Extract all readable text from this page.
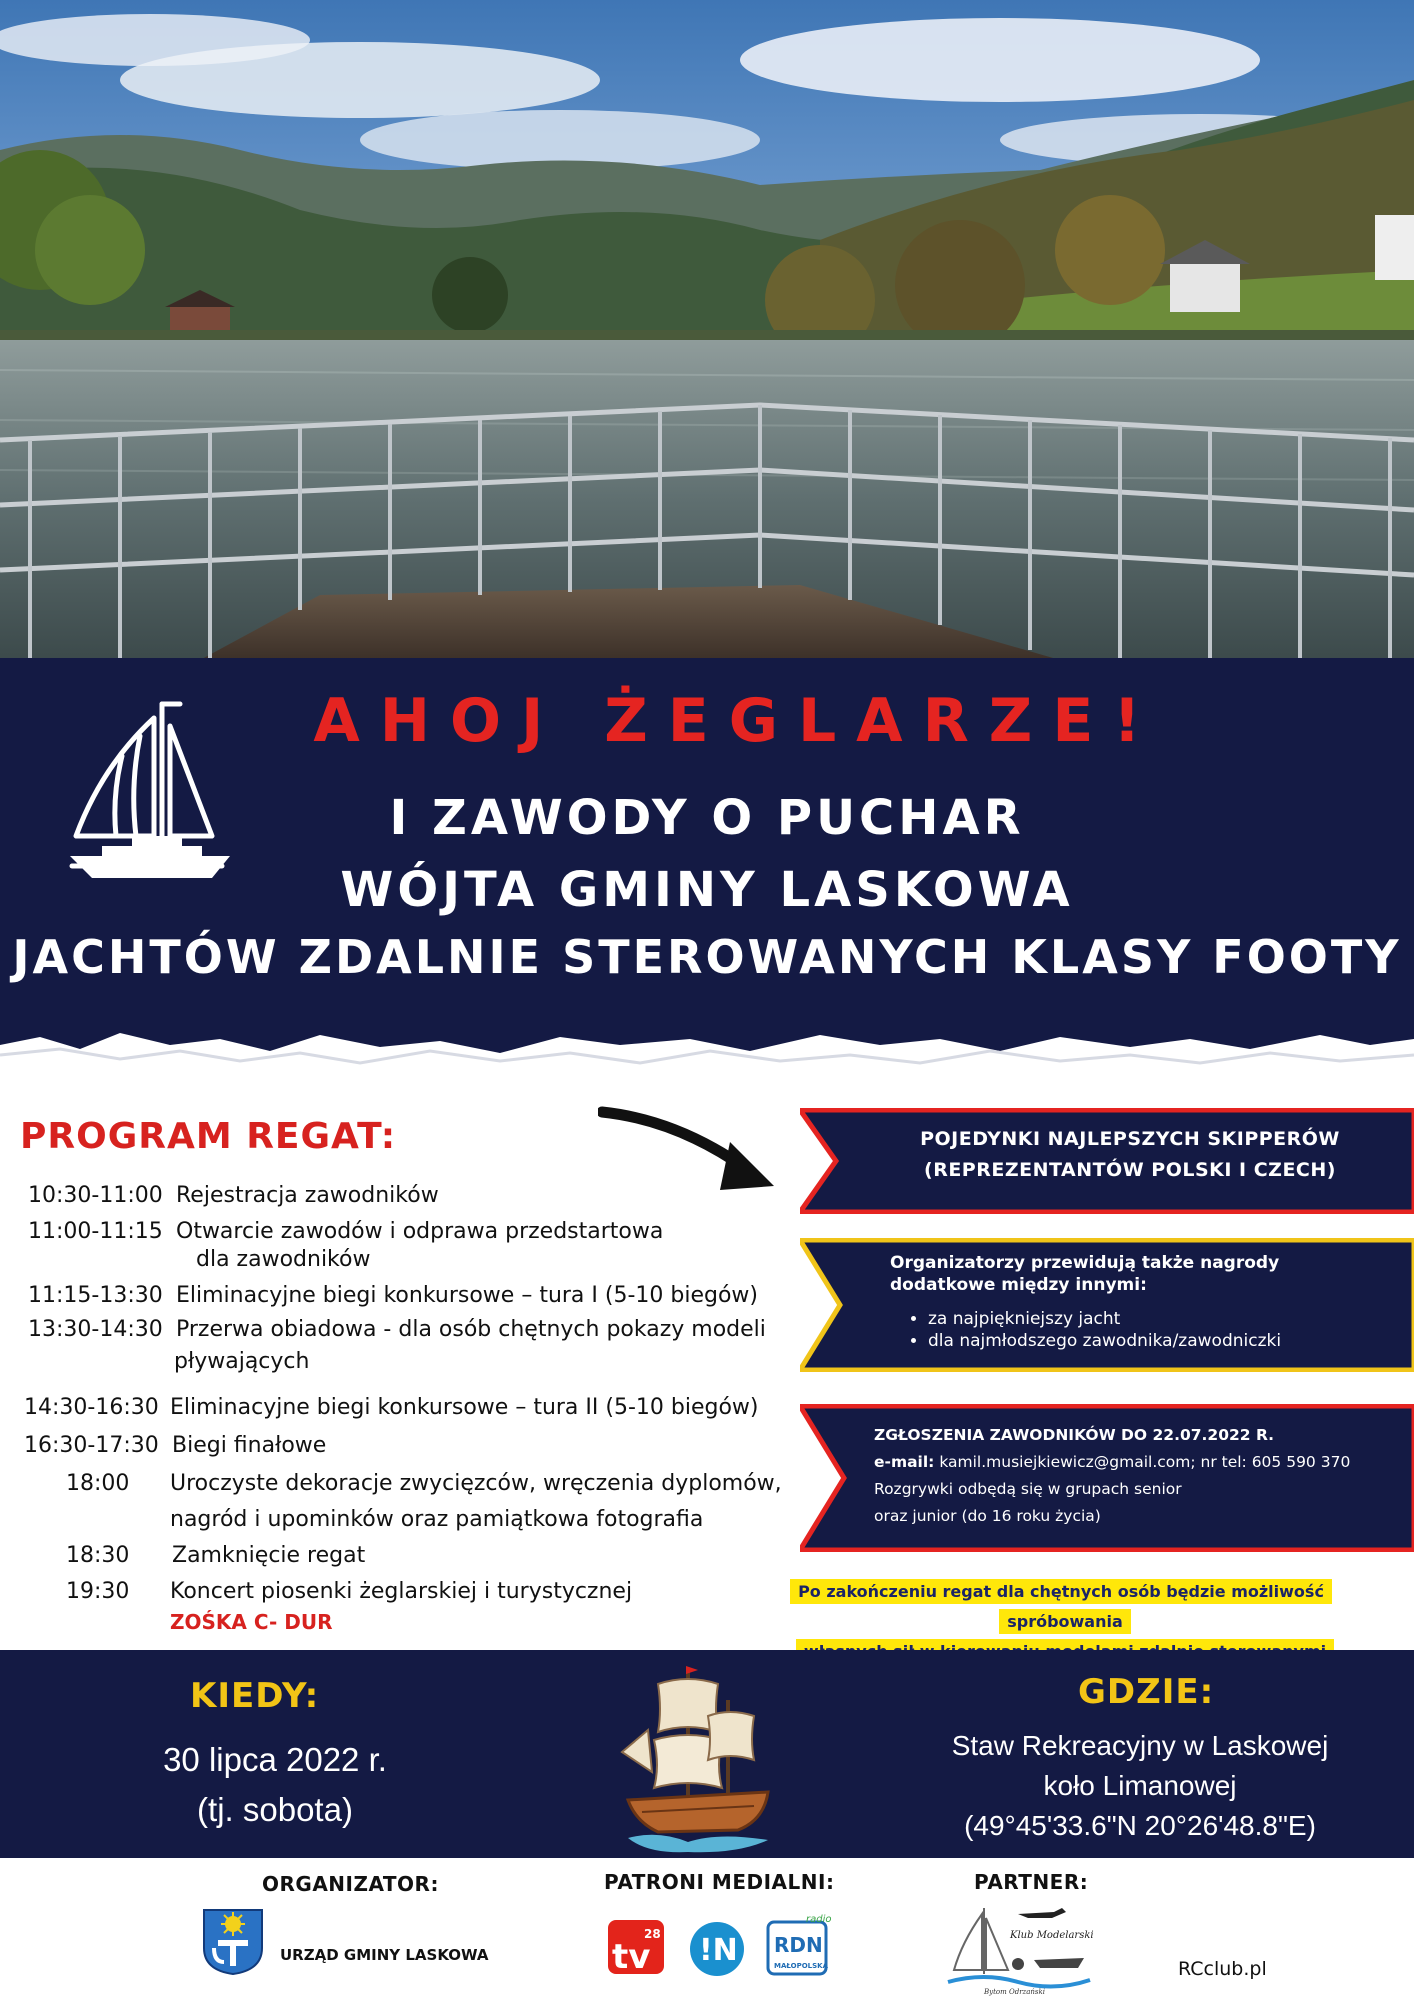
AHOJ ŻEGLARZE!
I ZAWODY O PUCHAR
WÓJTA GMINY LASKOWA
JACHTÓW ZDALNIE STEROWANYCH KLASY FOOTY
PROGRAM REGAT:
10:30-11:00 Rejestracja zawodników
11:00-11:15 Otwarcie zawodów i odprawa przedstartowa
dla zawodników
11:15-13:30 Eliminacyjne biegi konkursowe – tura I (5-10 biegów)
13:30-14:30 Przerwa obiadowa - dla osób chętnych pokazy modeli
pływających
14:30-16:30 Eliminacyjne biegi konkursowe – tura II (5-10 biegów)
16:30-17:30 Biegi finałowe
18:00	Uroczyste dekoracje zwycięzców, wręczenia dyplomów,
nagród i upominków oraz pamiątkowa fotografia
18:30	Zamknięcie regat
19:30	Koncert piosenki żeglarskiej i turystycznej
ZOŚKA C- DUR
POJEDYNKI NAJLEPSZYCH SKIPPERÓW
(REPREZENTANTÓW POLSKI I CZECH)
Organizatorzy przewidują także nagrody
dodatkowe między innymi:
• za najpiękniejszy jacht
• dla najmłodszego zawodnika/zawodniczki
ZGŁOSZENIA ZAWODNIKÓW DO 22.07.2022 R.
e-mail: kamil.musiejkiewicz@gmail.com; nr tel: 605 590 370
Rozgrywki odbędą się w grupach senior
oraz junior (do 16 roku życia)
Po zakończeniu regat dla chętnych osób będzie możliwość spróbowania

KIEDY:
30 lipca 2022 r.
(tj. sobota)
GDZIE:
Staw Rekreacyjny w Laskowej
koło Limanowej
(49°45'33.6"N 20°26'48.8"E)
ORGANIZATOR:	PATRONI MEDIALNI:	PARTNER:
URZĄD GMINY LASKOWA	tv
28 !N RDN
MAŁOPOLSKA
radio
Klub Modelarski
Bytom Odrzański
RCclub.pl
